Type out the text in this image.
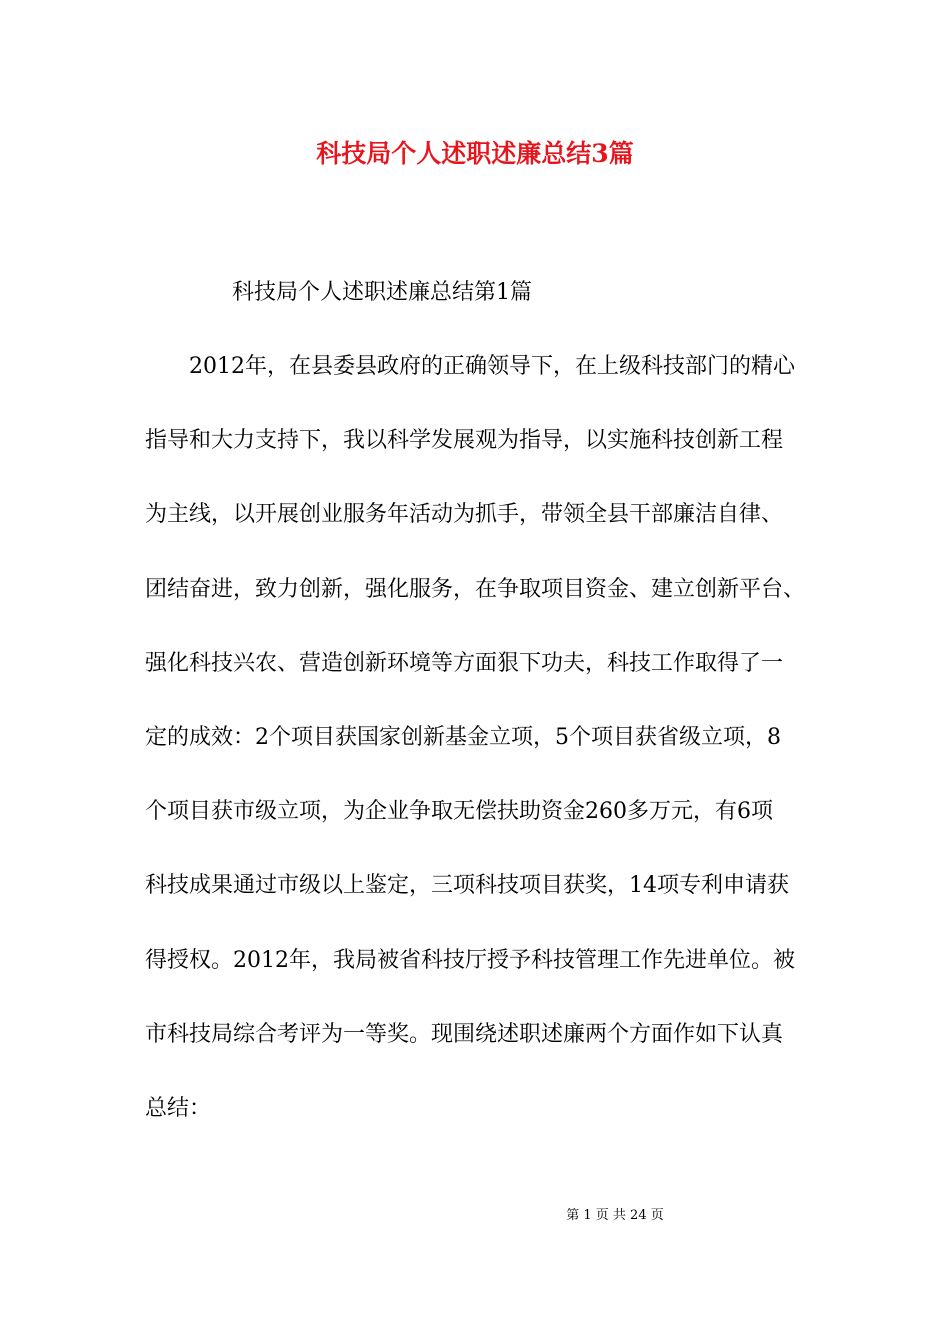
科技局个人述职述廉总结3篇

科技局个人述职述廉总结第1篇

2012年，在县委县政府的正确领导下，在上级科技部门的精心
指导和大力支持下，我以科学发展观为指导，以实施科技创新工程
为主线，以开展创业服务年活动为抓手，带领全县干部廉洁自律、
团结奋进，致力创新，强化服务，在争取项目资金、建立创新平台、
强化科技兴农、营造创新环境等方面狠下功夫，科技工作取得了一
定的成效：2个项目获国家创新基金立项，5个项目获省级立项，8
个项目获市级立项，为企业争取无偿扶助资金260多万元，有6项
科技成果通过市级以上鉴定，三项科技项目获奖，14项专利申请获
得授权。2012年，我局被省科技厅授予科技管理工作先进单位。被
市科技局综合考评为一等奖。现围绕述职述廉两个方面作如下认真
总结：
第 1 页 共 24 页
